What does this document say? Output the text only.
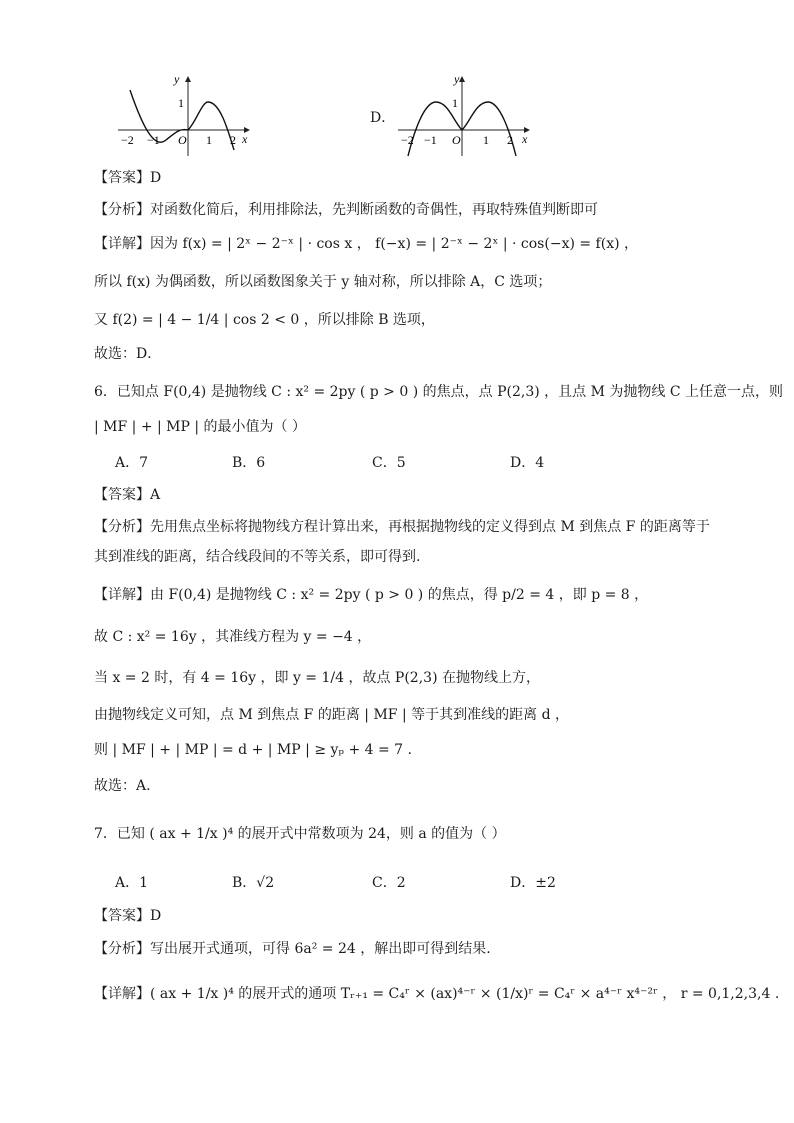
y
x
O
1
−2 −1	1 2
D．
y
x
O
1
−2 −1	1 2
【答案】D
【分析】对函数化简后，利用排除法，先判断函数的奇偶性，再取特殊值判断即可
【详解】因为 f(x) = | 2ˣ − 2⁻ˣ | · cos x ， f(−x) = | 2⁻ˣ − 2ˣ | · cos(−x) = f(x) ，
所以 f(x) 为偶函数，所以函数图象关于 y 轴对称，所以排除 A，C 选项；
又 f(2) = | 4 − 1/4 | cos 2 < 0 ，所以排除 B 选项，
故选：D．
6．已知点 F(0,4) 是抛物线 C : x² = 2py ( p > 0 ) 的焦点，点 P(2,3) ，且点 M 为抛物线 C 上任意一点，则
| MF | + | MP | 的最小值为（ ）
A．7	B．6	C．5	D．4
【答案】A
【分析】先用焦点坐标将抛物线方程计算出来，再根据抛物线的定义得到点 M 到焦点 F 的距离等于
其到准线的距离，结合线段间的不等关系，即可得到.
【详解】由 F(0,4) 是抛物线 C : x² = 2py ( p > 0 ) 的焦点，得 p/2 = 4 ，即 p = 8 ，
故 C : x² = 16y ，其准线方程为 y = −4 ，
当 x = 2 时，有 4 = 16y ，即 y = 1/4 ，故点 P(2,3) 在抛物线上方，
由抛物线定义可知，点 M 到焦点 F 的距离 | MF | 等于其到准线的距离 d ，
则 | MF | + | MP | = d + | MP | ≥ yₚ + 4 = 7 .
故选：A.
7．已知 ( ax + 1/x )⁴ 的展开式中常数项为 24，则 a 的值为（ ）
A．1	B．√2	C．2	D．±2
【答案】D
【分析】写出展开式通项，可得 6a² = 24 ，解出即可得到结果.
【详解】( ax + 1/x )⁴ 的展开式的通项 Tᵣ₊₁ = C₄ʳ × (ax)⁴⁻ʳ × (1/x)ʳ = C₄ʳ × a⁴⁻ʳ x⁴⁻²ʳ ， r = 0,1,2,3,4 .
